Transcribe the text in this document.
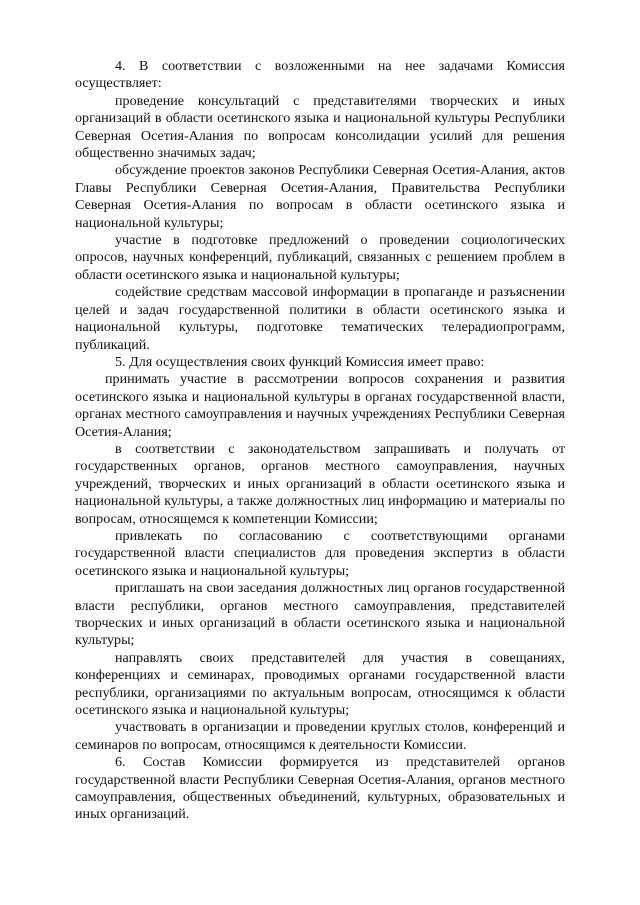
4. В соответствии с возложенными на нее задачами Комиссия осуществляет:

проведение консультаций с представителями творческих и иных организаций в области осетинского языка и национальной культуры Республики Северная Осетия-Алания по вопросам консолидации усилий для решения общественно значимых задач;

обсуждение проектов законов Республики Северная Осетия-Алания, актов Главы Республики Северная Осетия-Алания, Правительства Республики Северная Осетия-Алания по вопросам в области осетинского языка и национальной культуры;

участие в подготовке предложений о проведении социологических опросов, научных конференций, публикаций, связанных с решением проблем в области осетинского языка и национальной культуры;

содействие средствам массовой информации в пропаганде и разъяснении целей и задач государственной политики в области осетинского языка и национальной культуры, подготовке тематических телерадиопрограмм, публикаций.

5. Для осуществления своих функций Комиссия имеет право:

принимать участие в рассмотрении вопросов сохранения и развития осетинского языка и национальной культуры в органах государственной власти, органах местного самоуправления и научных учреждениях Республики Северная Осетия-Алания;

в соответствии с законодательством запрашивать и получать от государственных органов, органов местного самоуправления, научных учреждений, творческих и иных организаций в области осетинского языка и национальной культуры, а также должностных лиц информацию и материалы по вопросам, относящемся к компетенции Комиссии;

привлекать по согласованию с соответствующими органами государственной власти специалистов для проведения экспертиз в области осетинского языка и национальной культуры;

приглашать на свои заседания должностных лиц органов государственной власти республики, органов местного самоуправления, представителей творческих и иных организаций в области осетинского языка и национальной культуры;

направлять своих представителей для участия в совещаниях, конференциях и семинарах, проводимых органами государственной власти республики, организациями по актуальным вопросам, относящимся к области осетинского языка и национальной культуры;

участвовать в организации и проведении круглых столов, конференций и семинаров по вопросам, относящимся к деятельности Комиссии.

6. Состав Комиссии формируется из представителей органов государственной власти Республики Северная Осетия-Алания, органов местного самоуправления, общественных объединений, культурных, образовательных и иных организаций.
